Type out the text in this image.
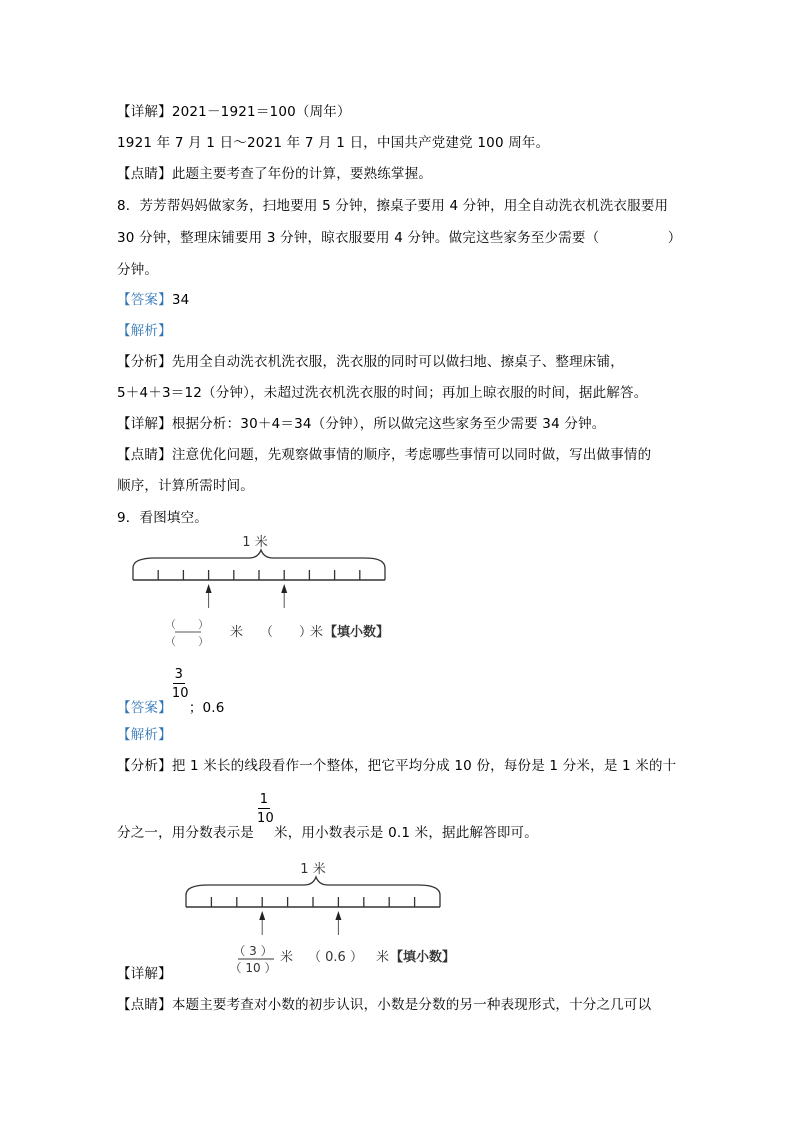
【详解】2021－1921＝100（周年）
1921 年 7 月 1 日～2021 年 7 月 1 日，中国共产党建党 100 周年。
【点睛】此题主要考查了年份的计算，要熟练掌握。
8．芳芳帮妈妈做家务，扫地要用 5 分钟，擦桌子要用 4 分钟，用全自动洗衣机洗衣服要用
30 分钟，整理床铺要用 3 分钟，晾衣服要用 4 分钟。做完这些家务至少需要（　　　　　）
分钟。
【答案】34
【解析】
【分析】先用全自动洗衣机洗衣服，洗衣服的同时可以做扫地、擦桌子、整理床铺，
5＋4＋3＝12（分钟），未超过洗衣机洗衣服的时间；再加上晾衣服的时间，据此解答。
【详解】根据分析：30＋4＝34（分钟），所以做完这些家务至少需要 34 分钟。
【点睛】注意优化问题，先观察做事情的顺序，考虑哪些事情可以同时做，写出做事情的
顺序，计算所需时间。
9．看图填空。
1 米
（　　）
（　　）
米 （　　）
米 【填小数】
【答案】 $\frac{3}{10}$ ；0.6
【解析】
【分析】把 1 米长的线段看作一个整体，把它平均分成 10 份，每份是 1 分米，是 1 米的十
分之一，用分数表示是 $\frac{1}{10}$ 米，用小数表示是 0.1 米，据此解答即可。
1 米
（ 3 ）
（ 10 ）
米 （ 0.6 ） 米 【填小数】
【详解】
【点睛】本题主要考查对小数的初步认识，小数是分数的另一种表现形式，十分之几可以
